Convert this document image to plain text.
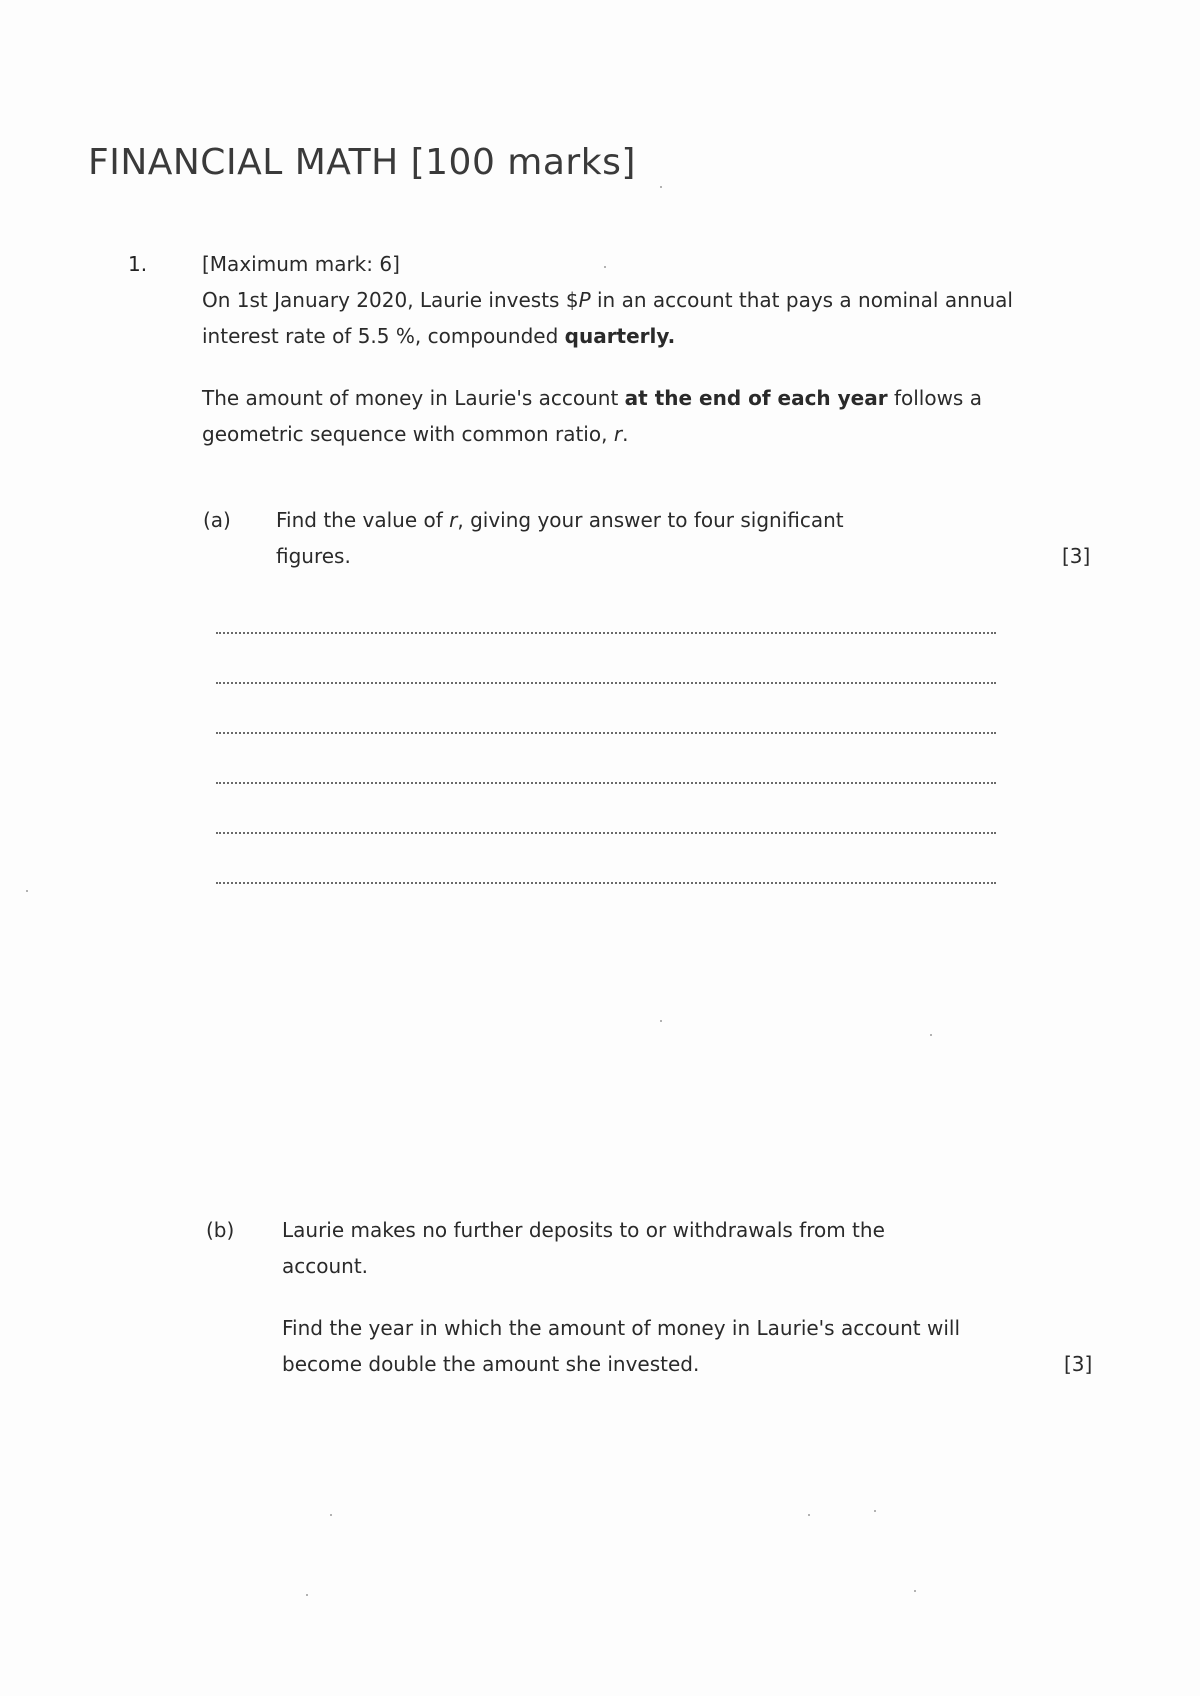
FINANCIAL MATH [100 marks]
1.	[Maximum mark: 6]

On 1st January 2020, Laurie invests $P in an account that pays a nominal annual interest rate of 5.5 %, compounded quarterly.

The amount of money in Laurie's account at the end of each year follows a geometric sequence with common ratio, r.

(a) Find the value of r, giving your answer to four significant figures.	[3]
(b) Laurie makes no further deposits to or withdrawals from the account.

Find the year in which the amount of money in Laurie's account will become double the amount she invested.	[3]
